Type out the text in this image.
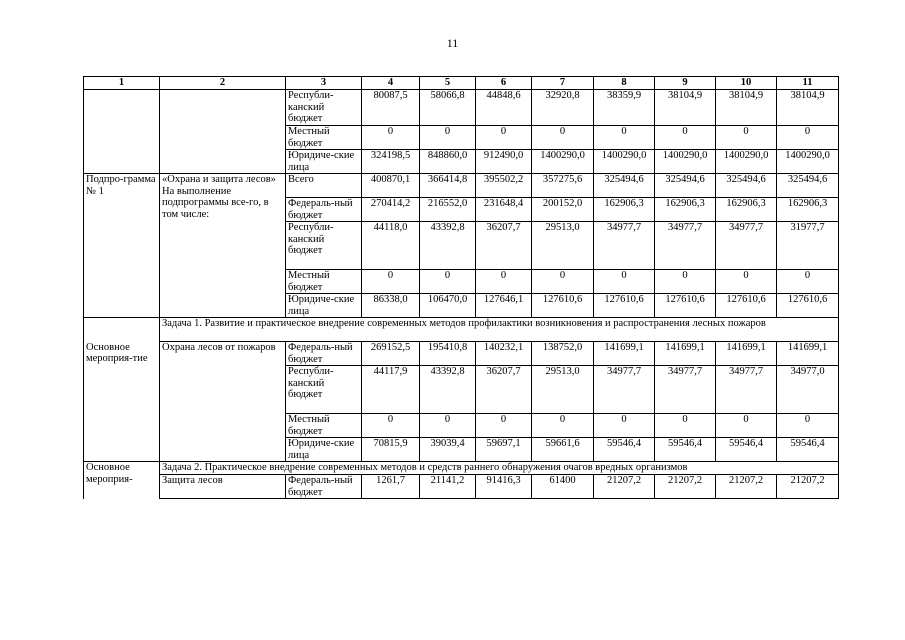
11
1	2	3	4	5	6	7	8	9	10	11
		Республи-канский бюджет	80087,5	58066,8	44848,6	32920,8	38359,9	38104,9	38104,9	38104,9
		Местный бюджет	0	0	0	0	0	0	0	0
		Юридиче-ские лица	324198,5	848860,0	912490,0	1400290,0	1400290,0	1400290,0	1400290,0	1400290,0
Подпро-грамма № 1	«Охрана и защита лесов» На выполнение подпрограммы все-го, в том числе:	Всего	400870,1	366414,8	395502,2	357275,6	325494,6	325494,6	325494,6	325494,6
		Федераль-ный бюджет	270414,2	216552,0	231648,4	200152,0	162906,3	162906,3	162906,3	162906,3
		Республи-канский бюджет	44118,0	43392,8	36207,7	29513,0	34977,7	34977,7	34977,7	31977,7
		Местный бюджет	0	0	0	0	0	0	0	0
		Юридиче-ские лица	86338,0	106470,0	127646,1	127610,6	127610,6	127610,6	127610,6	127610,6
	Задача 1. Развитие и практическое внедрение современных методов профилактики возникновения и распространения лесных пожаров									
Основное мероприя-тие	Охрана лесов от пожаров	Федераль-ный бюджет	269152,5	195410,8	140232,1	138752,0	141699,1	141699,1	141699,1	141699,1
		Республи-канский бюджет	44117,9	43392,8	36207,7	29513,0	34977,7	34977,7	34977,7	34977,0
		Местный бюджет	0	0	0	0	0	0	0	0
		Юридиче-ские лица	70815,9	39039,4	59697,1	59661,6	59546,4	59546,4	59546,4	59546,4
Основное мероприя-	Задача 2. Практическое внедрение современных методов и средств раннего обнаружения очагов вредных организмов									
	Защита лесов	Федераль-ный бюджет	1261,7	21141,2	91416,3	61400	21207,2	21207,2	21207,2	21207,2
